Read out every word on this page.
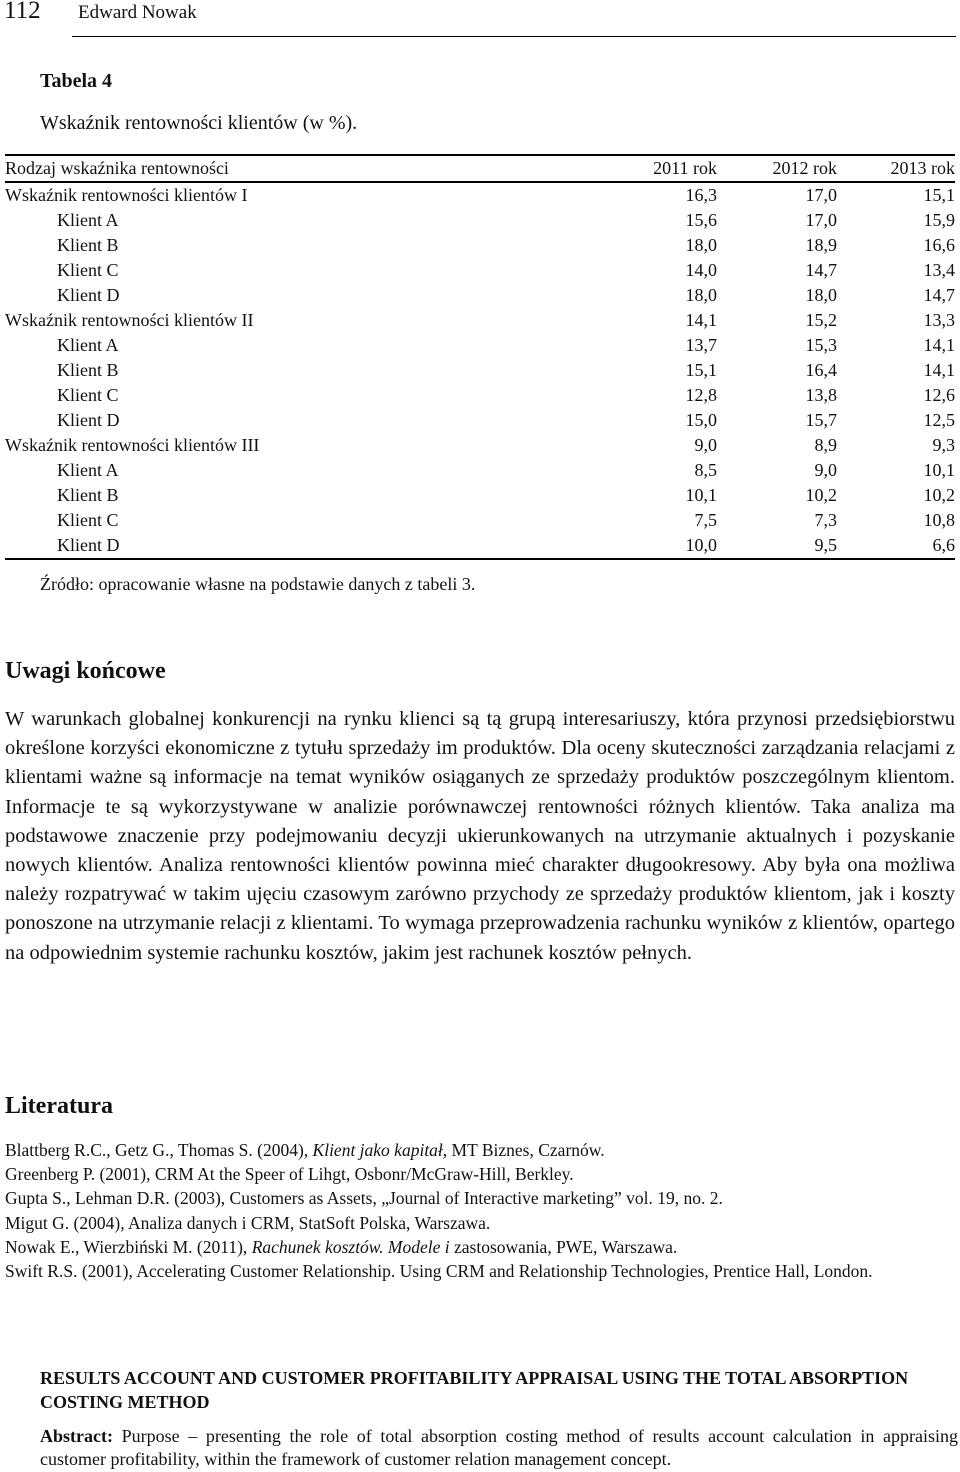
112 Edward Nowak
Tabela 4
Wskaźnik rentowności klientów (w %).
Rodzaj wskaźnika rentowności	2011 rok	2012 rok	2013 rok
Wskaźnik rentowności klientów I	16,3	17,0	15,1
Klient A	15,6	17,0	15,9
Klient B	18,0	18,9	16,6
Klient C	14,0	14,7	13,4
Klient D	18,0	18,0	14,7
Wskaźnik rentowności klientów II	14,1	15,2	13,3
Klient A	13,7	15,3	14,1
Klient B	15,1	16,4	14,1
Klient C	12,8	13,8	12,6
Klient D	15,0	15,7	12,5
Wskaźnik rentowności klientów III	9,0	8,9	9,3
Klient A	8,5	9,0	10,1
Klient B	10,1	10,2	10,2
Klient C	7,5	7,3	10,8
Klient D	10,0	9,5	6,6
Źródło: opracowanie własne na podstawie danych z tabeli 3.
Uwagi końcowe
W warunkach globalnej konkurencji na rynku klienci są tą grupą interesariuszy, która przynosi przedsiębiorstwu określone korzyści ekonomiczne z tytułu sprzedaży im produktów. Dla oceny skuteczności zarządzania relacjami z klientami ważne są informacje na temat wyników osiąganych ze sprzedaży produktów poszczególnym klientom. Informacje te są wykorzystywane w analizie porównawczej rentowności różnych klientów. Taka analiza ma podstawowe znaczenie przy podejmowaniu decyzji ukierunkowanych na utrzymanie aktualnych i pozyskanie nowych klientów. Analiza rentowności klientów powinna mieć charakter długookresowy. Aby była ona możliwa należy rozpatrywać w takim ujęciu czasowym zarówno przychody ze sprzedaży produktów klientom, jak i koszty ponoszone na utrzymanie relacji z klientami. To wymaga przeprowadzenia rachunku wyników z klientów, opartego na odpowiednim systemie rachunku kosztów, jakim jest rachunek kosztów pełnych.
Literatura
Blattberg R.C., Getz G., Thomas S. (2004), Klient jako kapitał, MT Biznes, Czarnów.
Greenberg P. (2001), CRM At the Speer of Lihgt, Osbonr/McGraw-Hill, Berkley.
Gupta S., Lehman D.R. (2003), Customers as Assets, „Journal of Interactive marketing” vol. 19, no. 2.
Migut G. (2004), Analiza danych i CRM, StatSoft Polska, Warszawa.
Nowak E., Wierzbiński M. (2011), Rachunek kosztów. Modele i zastosowania, PWE, Warszawa.
Swift R.S. (2001), Accelerating Customer Relationship. Using CRM and Relationship Technologies, Prentice Hall, London.
RESULTS ACCOUNT AND CUSTOMER PROFITABILITY APPRAISAL USING THE TOTAL ABSORPTION COSTING METHOD
Abstract: Purpose – presenting the role of total absorption costing method of results account calculation in appraising customer profitability, within the framework of customer relation management concept.
